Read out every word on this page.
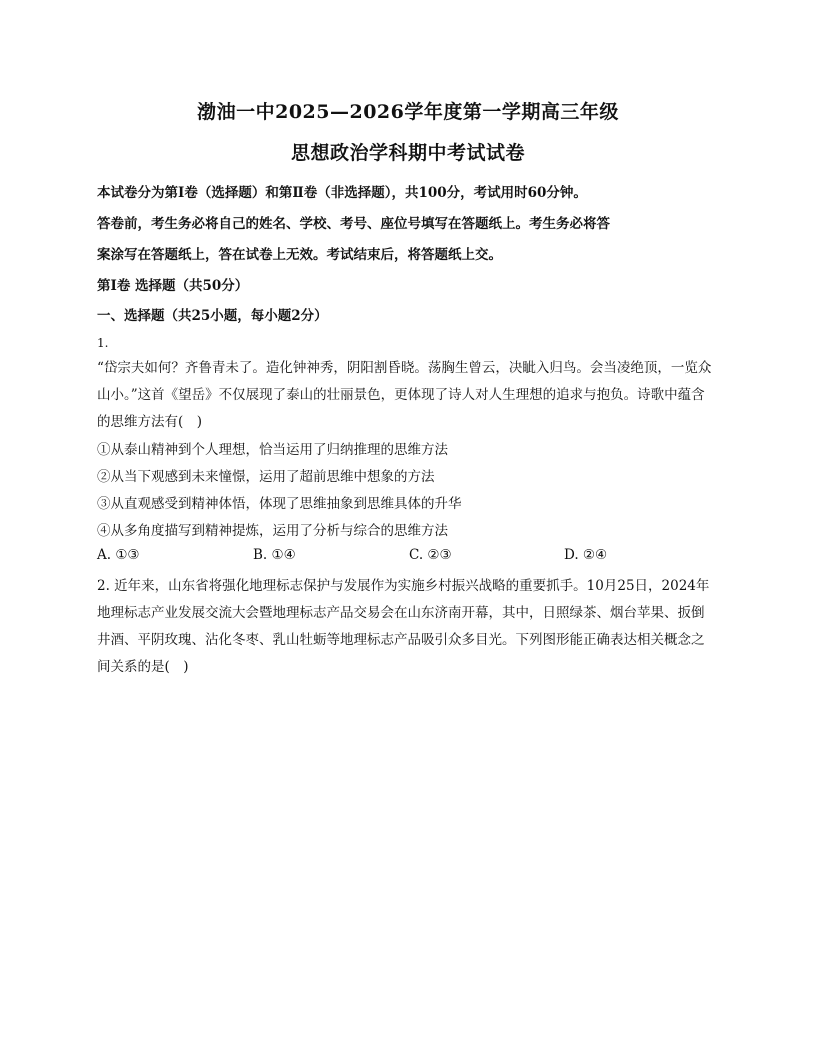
渤油一中2025—2026学年度第一学期高三年级

思想政治学科期中考试试卷

本试卷分为第Ⅰ卷（选择题）和第Ⅱ卷（非选择题），共100分，考试用时60分钟。

答卷前，考生务必将自己的姓名、学校、考号、座位号填写在答题纸上。考生务必将答

案涂写在答题纸上，答在试卷上无效。考试结束后，将答题纸上交。

第Ⅰ卷 选择题（共50分）

一、选择题（共25小题，每小题2分）

1.

“岱宗夫如何？齐鲁青未了。造化钟神秀，阴阳割昏晓。荡胸生曾云，决眦入归鸟。会当凌绝顶，一览众山小。”这首《望岳》不仅展现了泰山的壮丽景色，更体现了诗人对人生理想的追求与抱负。诗歌中蕴含的思维方法有(　)

①从泰山精神到个人理想，恰当运用了归纳推理的思维方法

②从当下观感到未来憧憬，运用了超前思维中想象的方法

③从直观感受到精神体悟，体现了思维抽象到思维具体的升华

④从多角度描写到精神提炼，运用了分析与综合的思维方法

A. ①③	B. ①④	C. ②③	D. ②④

2. 近年来，山东省将强化地理标志保护与发展作为实施乡村振兴战略的重要抓手。10月25日，2024年地理标志产业发展交流大会暨地理标志产品交易会在山东济南开幕，其中，日照绿茶、烟台苹果、扳倒井酒、平阴玫瑰、沾化冬枣、乳山牡蛎等地理标志产品吸引众多目光。下列图形能正确表达相关概念之间关系的是(　)
